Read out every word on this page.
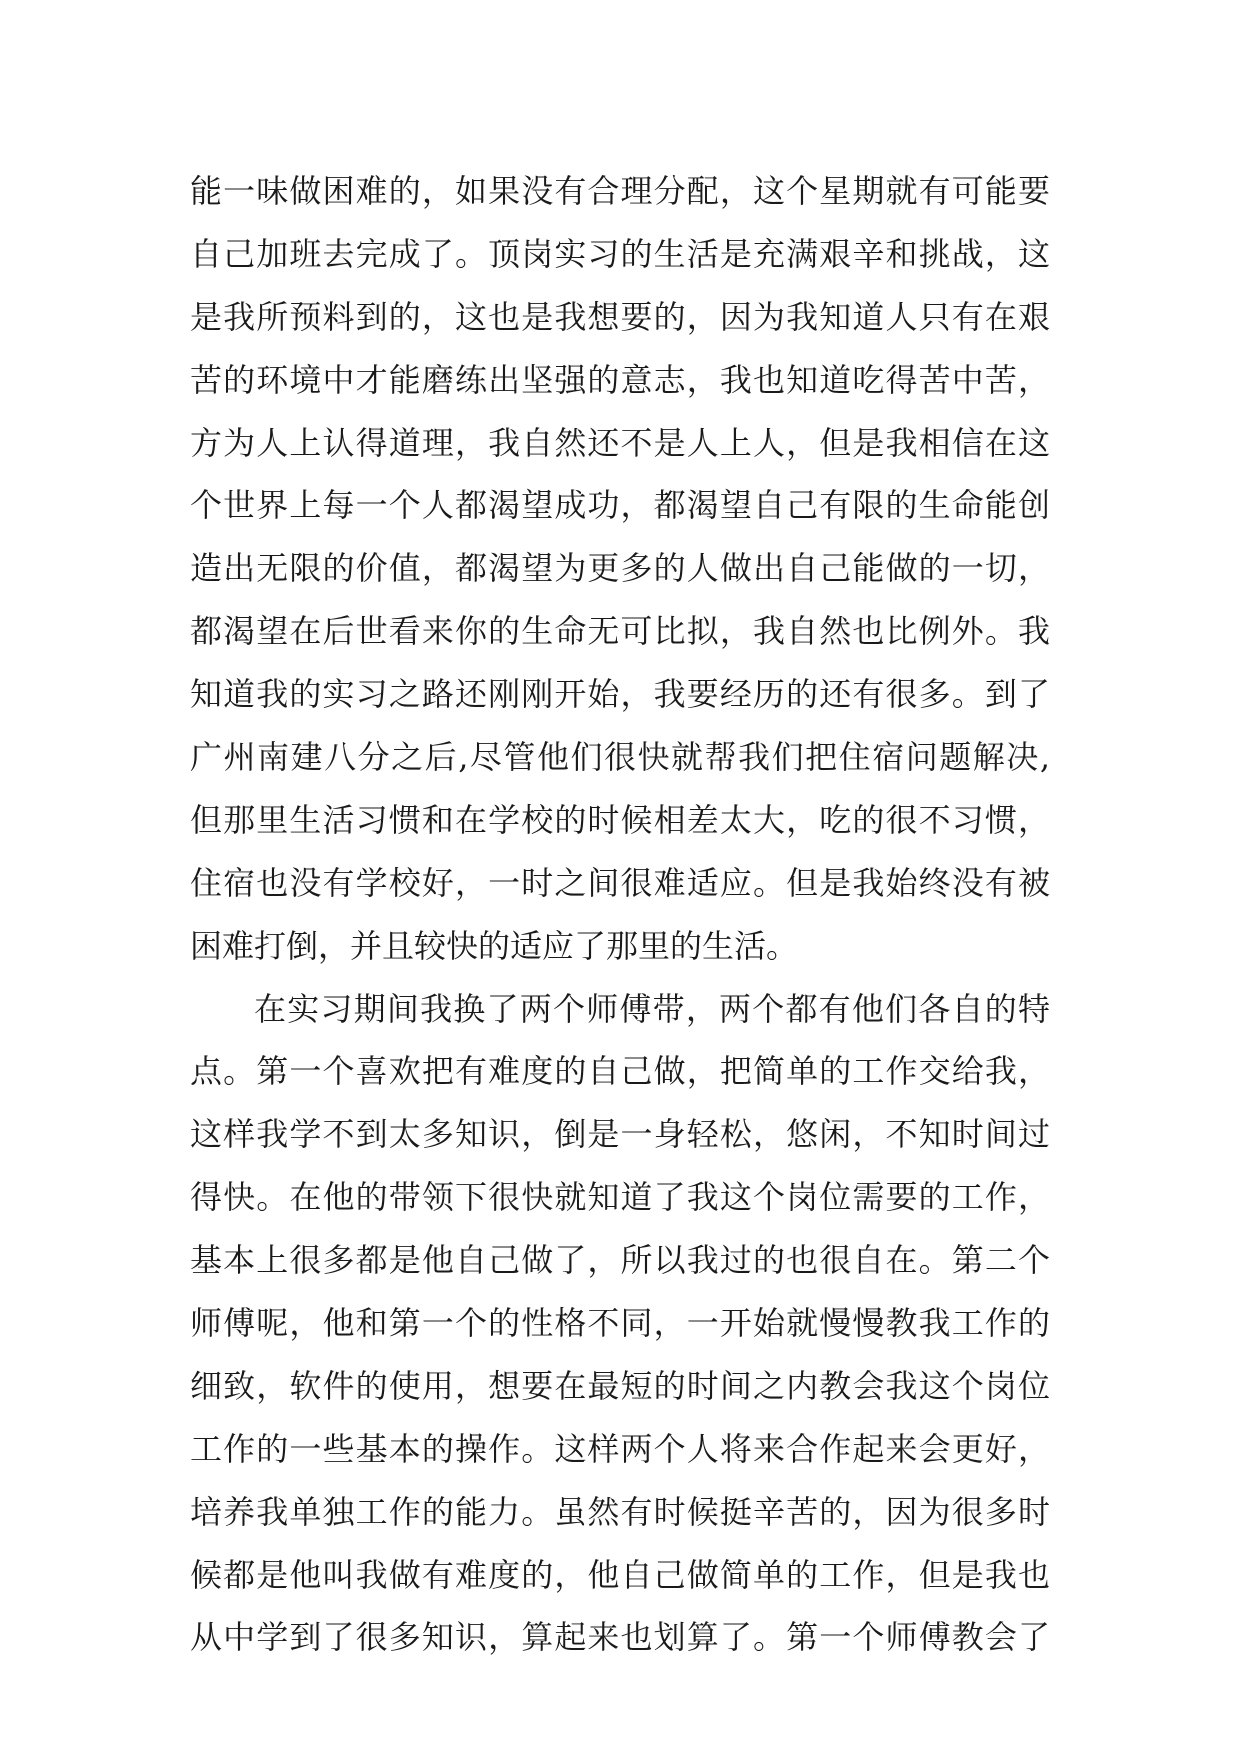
能一味做困难的，如果没有合理分配，这个星期就有可能要
自己加班去完成了。顶岗实习的生活是充满艰辛和挑战，这
是我所预料到的，这也是我想要的，因为我知道人只有在艰
苦的环境中才能磨练出坚强的意志，我也知道吃得苦中苦，
方为人上认得道理，我自然还不是人上人，但是我相信在这
个世界上每一个人都渴望成功，都渴望自己有限的生命能创
造出无限的价值，都渴望为更多的人做出自己能做的一切，
都渴望在后世看来你的生命无可比拟，我自然也比例外。我
知道我的实习之路还刚刚开始，我要经历的还有很多。到了
广州南建八分之后,尽管他们很快就帮我们把住宿问题解决,
但那里生活习惯和在学校的时候相差太大，吃的很不习惯，
住宿也没有学校好，一时之间很难适应。但是我始终没有被
困难打倒，并且较快的适应了那里的生活。
在实习期间我换了两个师傅带，两个都有他们各自的特
点。第一个喜欢把有难度的自己做，把简单的工作交给我，
这样我学不到太多知识，倒是一身轻松，悠闲，不知时间过
得快。在他的带领下很快就知道了我这个岗位需要的工作，
基本上很多都是他自己做了，所以我过的也很自在。第二个
师傅呢，他和第一个的性格不同，一开始就慢慢教我工作的
细致，软件的使用，想要在最短的时间之内教会我这个岗位
工作的一些基本的操作。这样两个人将来合作起来会更好，
培养我单独工作的能力。虽然有时候挺辛苦的，因为很多时
候都是他叫我做有难度的，他自己做简单的工作，但是我也
从中学到了很多知识，算起来也划算了。第一个师傅教会了
